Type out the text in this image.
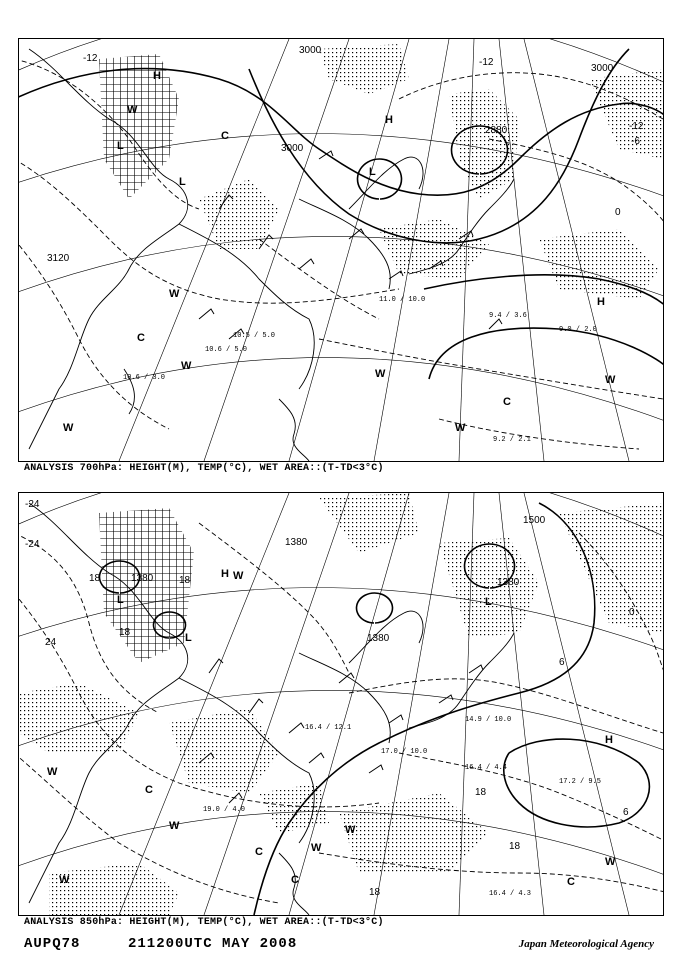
3000
3000
3000
2880
3120
-12	-12
-12
0
-6
H
H
H
L
L
L
W
W
W
W	W
W
C
C
C
W
9.4 / 3.6
9.0 / 2.0
9.2 / 2.1
11.0 / 10.0
10.6 / 5.0
10.5 / 5.0
10.6 / 3.0
ANALYSIS 700hPa: HEIGHT(M), TEMP(°C), WET AREA::(T-TD<3°C)
1500
1380
1380
1380
1380
-24
-24
24
18
18
18
18
18
18
0
6
6
H
H
L
L
L
W
W
W
W
W
W
W
C
C
C
C
17.2 / 9.5
16.4 / 4.3
16.4 / 4.4
14.9 / 10.0
17.0 / 10.0
16.4 / 12.1
19.0 / 4.0
ANALYSIS 850hPa: HEIGHT(M), TEMP(°C), WET AREA::(T-TD<3°C)
AUPQ78	211200UTC MAY 2008	Japan Meteorological Agency
